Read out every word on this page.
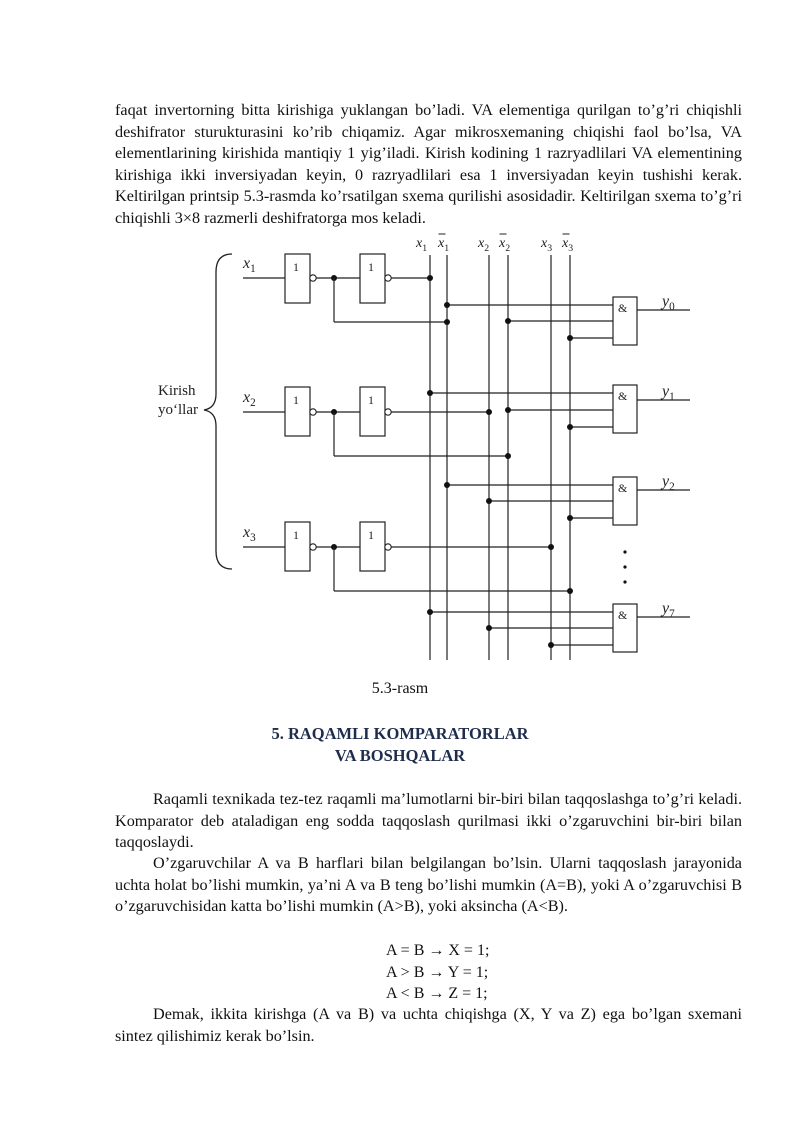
faqat invertorning bitta kirishiga yuklangan bo’ladi. VA elementiga qurilgan to’g’ri chiqishli deshifrator sturukturasini ko’rib chiqamiz. Agar mikrosxemaning chiqishi faol bo’lsa, VA elementlarining kirishida mantiqiy 1 yig’iladi. Kirish kodining 1 razryadlilari VA elementining kirishiga ikki inversiyadan keyin, 0 razryadlilari esa 1 inversiyadan keyin tushishi kerak. Keltirilgan printsip 5.3-rasmda ko’rsatilgan sxema qurilishi asosidadir. Keltirilgan sxema to’g’ri chiqishli 3×8 razmerli deshifratorga mos keladi.

$x_1$ $x_1$ $x_2$ $x_2$ $x_3$ $x_3$
$x_1$	1	1
$x_2$	1	1
$x_3$	1	1
& $y_0$
& $y_1$
& $y_2$
& $y_7$
Kirish
yo‘llar
5.3-rasm
5. RAQAMLI KOMPARATORLAR
VA BOSHQALAR

Raqamli texnikada tez-tez raqamli ma’lumotlarni bir-biri bilan taqqoslashga to’g’ri keladi. Komparator deb ataladigan eng sodda taqqoslash qurilmasi ikki o’zgaruvchini bir-biri bilan taqqoslaydi.

O’zgaruvchilar A va B harflari bilan belgilangan bo’lsin. Ularni taqqoslash jarayonida uchta holat bo’lishi mumkin, ya’ni A va B teng bo’lishi mumkin (A=B), yoki A o’zgaruvchisi B o’zgaruvchisidan katta bo’lishi mumkin (A>B), yoki aksincha (A<B).

A = B → X = 1;
A > B → Y = 1;
A < B → Z = 1;

Demak, ikkita kirishga (A va B) va uchta chiqishga (X, Y va Z) ega bo’lgan sxemani sintez qilishimiz kerak bo’lsin.
